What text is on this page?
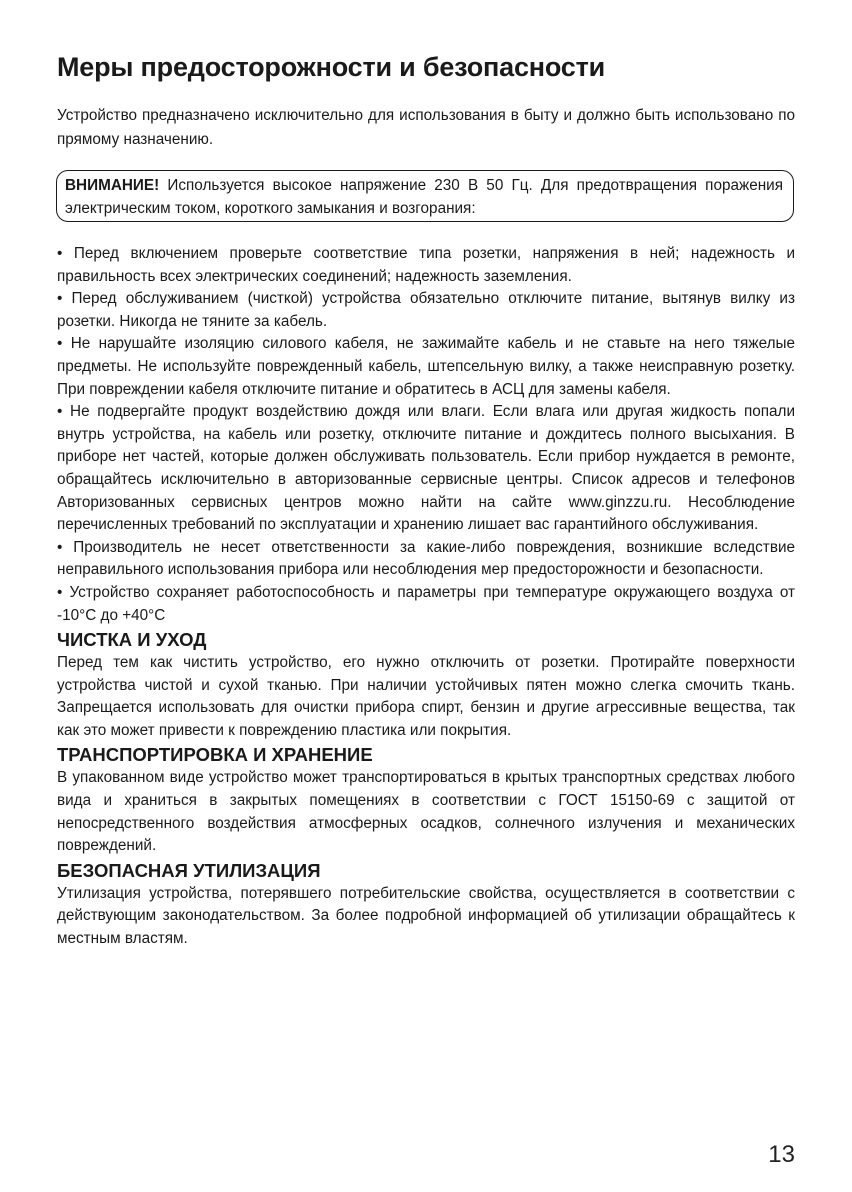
Меры предосторожности и безопасности

Устройство предназначено исключительно для использования в быту и должно быть использовано по прямому назначению.

ВНИМАНИЕ! Используется высокое напряжение 230 В 50 Гц. Для предотвращения поражения электрическим током, короткого замыкания и возгорания:

• Перед включением проверьте соответствие типа розетки, напряжения в ней; надежность и правильность всех электрических соединений; надежность заземления.

• Перед обслуживанием (чисткой) устройства обязательно отключите питание, вытянув вилку из розетки. Никогда не тяните за кабель.

• Не нарушайте изоляцию силового кабеля, не зажимайте кабель и не ставьте на него тяжелые предметы. Не используйте поврежденный кабель, штепсельную вилку, а также неисправную розетку. При повреждении кабеля отключите питание и обратитесь в АСЦ для замены кабеля.

• Не подвергайте продукт воздействию дождя или влаги. Если влага или другая жидкость попали внутрь устройства, на кабель или розетку, отключите питание и дождитесь полного высыхания. В приборе нет частей, которые должен обслуживать пользователь. Если прибор нуждается в ремонте, обращайтесь исключительно в авторизованные сервисные центры. Список адресов и телефонов Авторизованных сервисных центров можно найти на сайте www.ginzzu.ru. Несоблюдение перечисленных требований по эксплуатации и хранению лишает вас гарантийного обслуживания.

• Производитель не несет ответственности за какие-либо повреждения, возникшие вследствие неправильного использования прибора или несоблюдения мер предосторожности и безопасности.

• Устройство сохраняет работоспособность и параметры при температуре окружающего воздуха от -10°С до +40°С

ЧИСТКА И УХОД

Перед тем как чистить устройство, его нужно отключить от розетки. Протирайте поверхности устройства чистой и сухой тканью. При наличии устойчивых пятен можно слегка смочить ткань. Запрещается использовать для очистки прибора спирт, бензин и другие агрессивные вещества, так как это может привести к повреждению пластика или покрытия.

ТРАНСПОРТИРОВКА И ХРАНЕНИЕ

В упакованном виде устройство может транспортироваться в крытых транспортных средствах любого вида и храниться в закрытых помещениях в соответствии с ГОСТ 15150-69 с защитой от непосредственного воздействия атмосферных осадков, солнечного излучения и механических повреждений.

БЕЗОПАСНАЯ УТИЛИЗАЦИЯ

Утилизация устройства, потерявшего потребительские свойства, осуществляется в соответствии с действующим законодательством. За более подробной информацией об утилизации обращайтесь к местным властям.

13
